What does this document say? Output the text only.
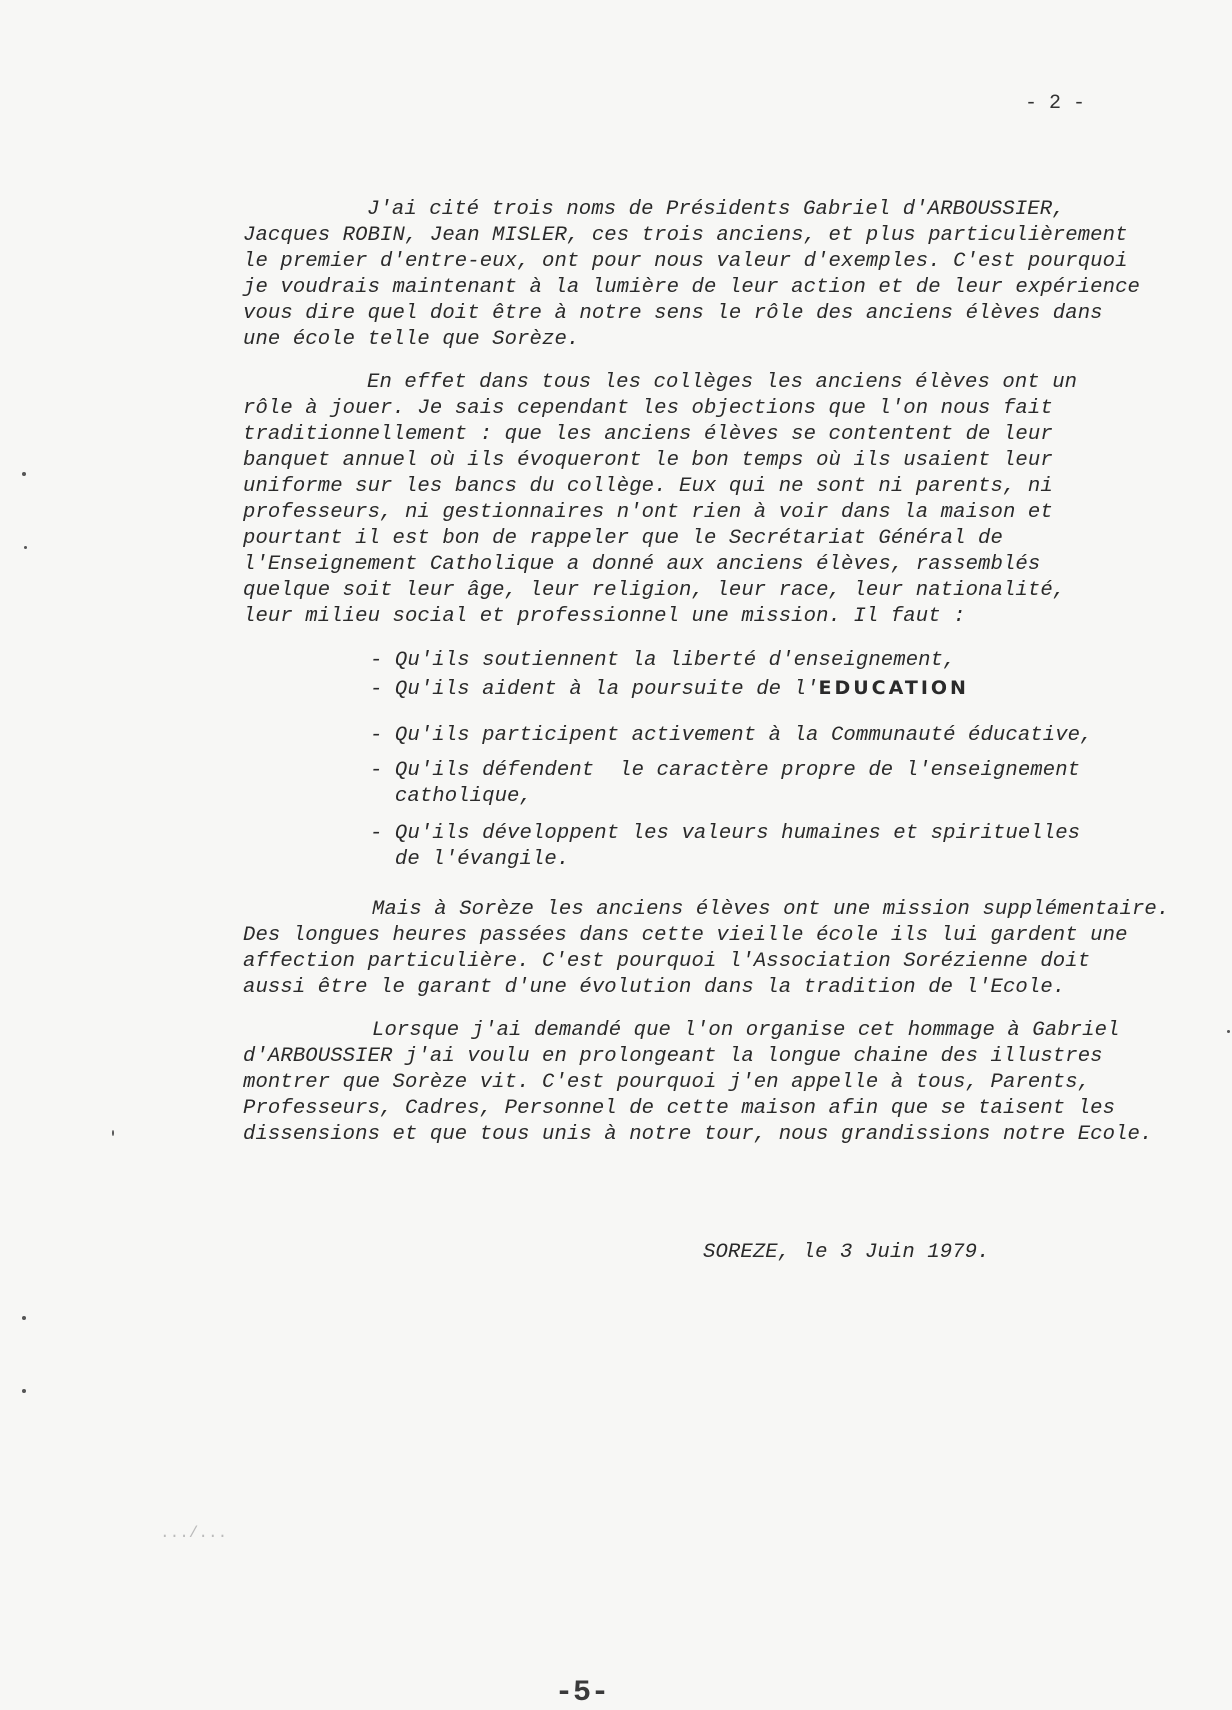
- 2 -
J'ai cité trois noms de Présidents Gabriel d'ARBOUSSIER,
Jacques ROBIN, Jean MISLER, ces trois anciens, et plus particulièrement
le premier d'entre-eux, ont pour nous valeur d'exemples. C'est pourquoi
je voudrais maintenant à la lumière de leur action et de leur expérience
vous dire quel doit être à notre sens le rôle des anciens élèves dans
une école telle que Sorèze.
En effet dans tous les collèges les anciens élèves ont un
rôle à jouer. Je sais cependant les objections que l'on nous fait
traditionnellement : que les anciens élèves se contentent de leur
banquet annuel où ils évoqueront le bon temps où ils usaient leur
uniforme sur les bancs du collège. Eux qui ne sont ni parents, ni
professeurs, ni gestionnaires n'ont rien à voir dans la maison et
pourtant il est bon de rappeler que le Secrétariat Général de
l'Enseignement Catholique a donné aux anciens élèves, rassemblés
quelque soit leur âge, leur religion, leur race, leur nationalité,
leur milieu social et professionnel une mission. Il faut :
- Qu'ils soutiennent la liberté d'enseignement,
- Qu'ils aident à la poursuite de l'EDUCATION
- Qu'ils participent activement à la Communauté éducative,
- Qu'ils défendent  le caractère propre de l'enseignement
catholique,
- Qu'ils développent les valeurs humaines et spirituelles
de l'évangile.
Mais à Sorèze les anciens élèves ont une mission supplémentaire.
Des longues heures passées dans cette vieille école ils lui gardent une
affection particulière. C'est pourquoi l'Association Sorézienne doit
aussi être le garant d'une évolution dans la tradition de l'Ecole.
Lorsque j'ai demandé que l'on organise cet hommage à Gabriel
d'ARBOUSSIER j'ai voulu en prolongeant la longue chaine des illustres
montrer que Sorèze vit. C'est pourquoi j'en appelle à tous, Parents,
Professeurs, Cadres, Personnel de cette maison afin que se taisent les
dissensions et que tous unis à notre tour, nous grandissions notre Ecole.
SOREZE, le 3 Juin 1979.
.../...
-5-
